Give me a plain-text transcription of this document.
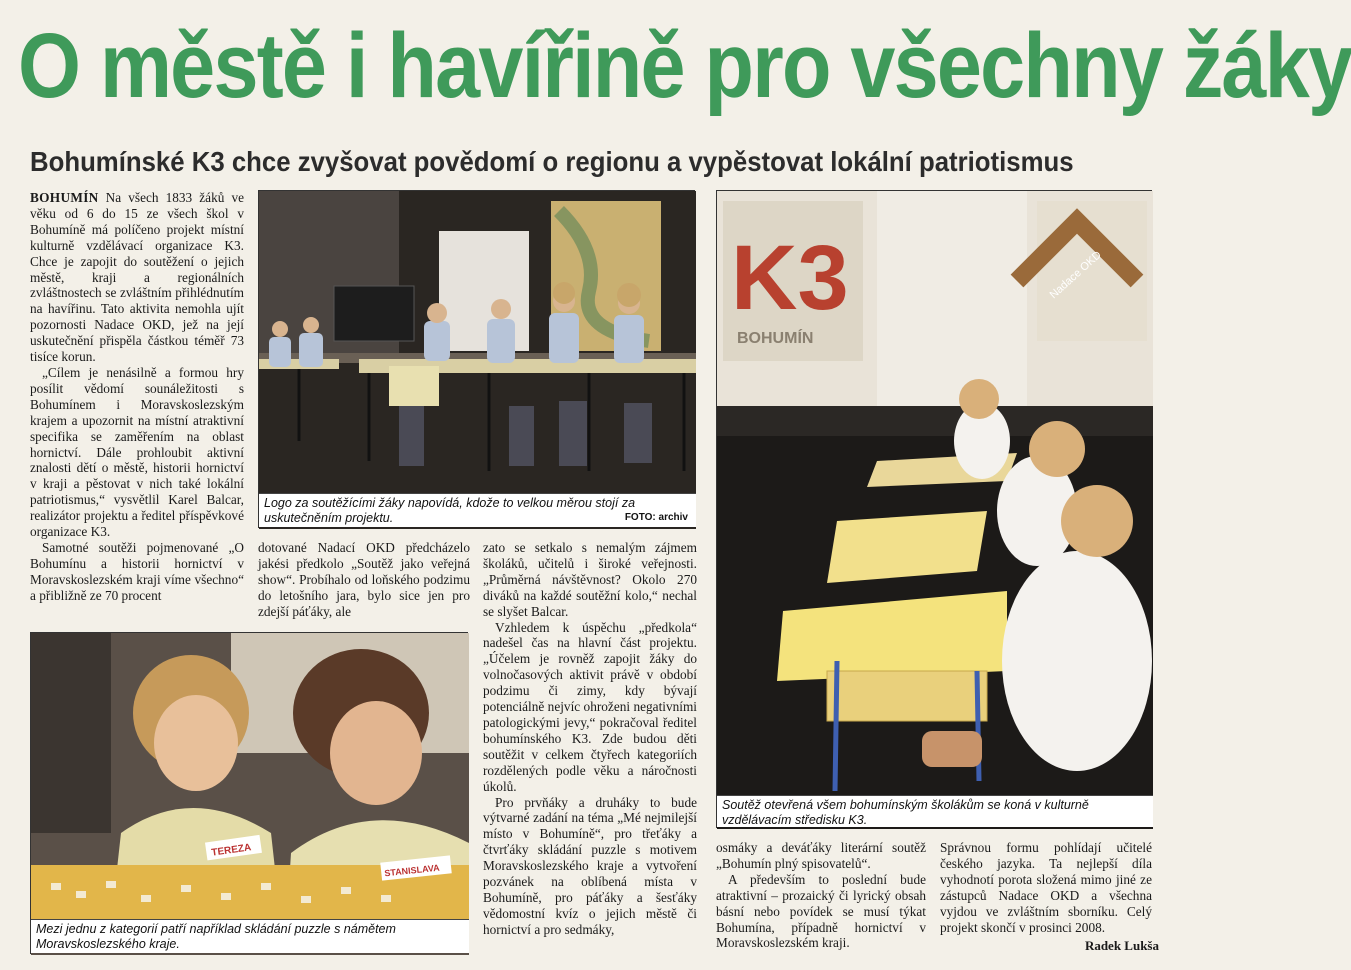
O městě i havířině pro všechny žáky
Bohumínské K3 chce zvyšovat povědomí o regionu a vypěstovat lokální patriotismus

BOHUMÍN Na všech 1833 žáků ve věku od 6 do 15 ze všech škol v Bohumíně má políčeno projekt místní kulturně vzdělávací organizace K3. Chce je zapojit do soutěžení o jejich městě, kraji a regionálních zvláštnostech se zvláštním přihlédnutím na havířinu. Tato aktivita nemohla ujít pozornosti Nadace OKD, jež na její uskutečnění přispěla částkou téměř 73 tisíce korun.

„Cílem je nenásilně a formou hry posílit vědomí sounáležitosti s Bohumínem i Moravskoslezským krajem a upozornit na místní atraktivní specifika se zaměřením na oblast hornictví. Dále prohloubit aktivní znalosti dětí o městě, historii hornictví v kraji a pěstovat v nich také lokální patriotismus,“ vysvětlil Karel Balcar, realizátor projektu a ředitel příspěvkové organizace K3.

Samotné soutěži pojmenované „O Bohumínu a historii hornictví v Moravskoslezském kraji víme všechno“ a přibližně ze 70 procent

Logo za soutěžícími žáky napovídá, kdože to velkou měrou stojí za uskutečněním projektu.	FOTO: archiv
K3
BOHUMÍN
Nadace OKD
Soutěž otevřená všem bohumínským školákům se koná v kulturně vzdělávacím středisku K3.

dotované Nadací OKD předcházelo jakési předkolo „Soutěž jako veřejná show“. Probíhalo od loňského podzimu do letošního jara, bylo sice jen pro zdejší páťáky, ale

zato se setkalo s nemalým zájmem školáků, učitelů i široké veřejnosti. „Průměrná návštěvnost? Okolo 270 diváků na každé soutěžní kolo,“ nechal se slyšet Balcar.

Vzhledem k úspěchu „předkola“ nadešel čas na hlavní část projektu. „Účelem je rovněž zapojit žáky do volnočasových aktivit právě v období podzimu či zimy, kdy bývají potenciálně nejvíc ohroženi negativními patologickými jevy,“ pokračoval ředitel bohumínského K3. Zde budou děti soutěžit v celkem čtyřech kategoriích rozdělených podle věku a náročnosti úkolů.

Pro prvňáky a druháky to bude výtvarné zadání na téma „Mé nejmilejší místo v Bohumíně“, pro třeťáky a čtvrťáky skládání puzzle s motivem Moravskoslezského kraje a vytvoření pozvánek na oblíbená místa v Bohumíně, pro páťáky a šesťáky vědomostní kvíz o jejich městě či hornictví a pro sedmáky,

TEREZA
STANISLAVA
Mezi jednu z kategorií patří například skládání puzzle s námětem Moravskoslezského kraje.

osmáky a deváťáky literární soutěž „Bohumín plný spisovatelů“.

A především to poslední bude atraktivní – prozaický či lyrický obsah básní nebo povídek se musí týkat Bohumína, případně hornictví v Moravskoslezském kraji.

Správnou formu pohlídají učitelé českého jazyka. Ta nejlepší díla vyhodnotí porota složená mimo jiné ze zástupců Nadace OKD a všechna vyjdou ve zvláštním sborníku. Celý projekt skončí v prosinci 2008.

Radek Lukša
